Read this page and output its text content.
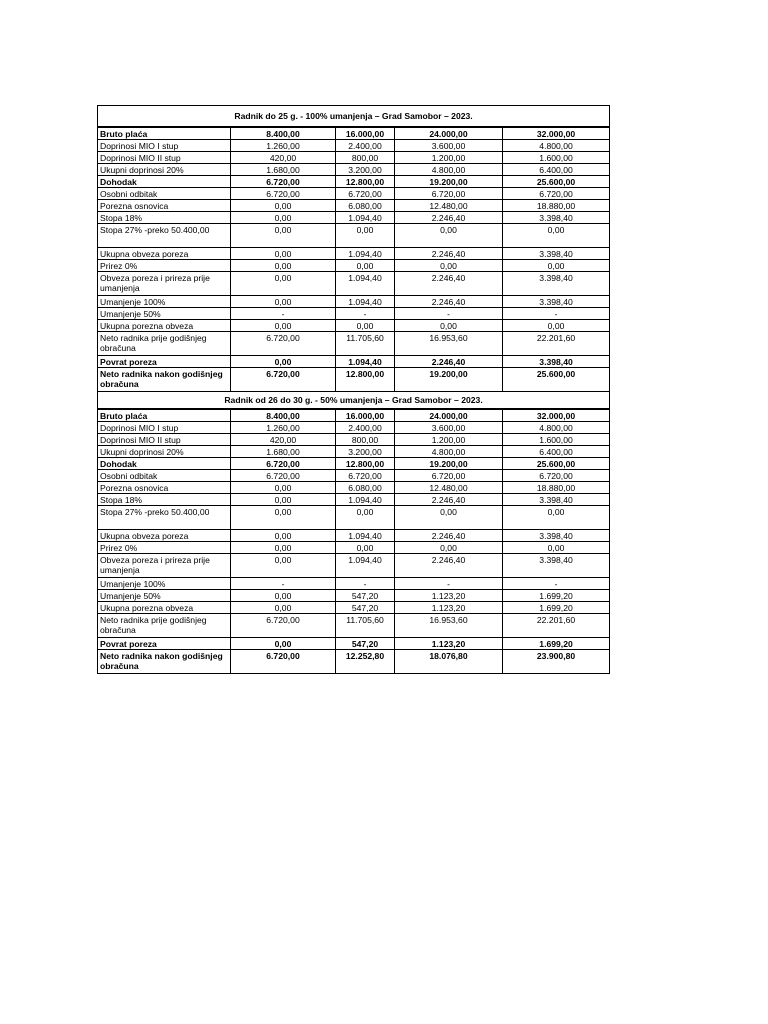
Radnik do 25 g. - 100% umanjenja – Grad Samobor – 2023.				
Bruto plaća	8.400,00	16.000,00	24.000,00	32.000,00
Doprinosi MIO I stup	1.260,00	2.400,00	3.600,00	4.800,00
Doprinosi MIO II stup	420,00	800,00	1.200,00	1.600,00
Ukupni doprinosi 20%	1.680,00	3.200,00	4.800,00	6.400,00
Dohodak	6.720,00	12.800,00	19.200,00	25.600,00
Osobni odbitak	6.720,00	6.720,00	6.720,00	6.720,00
Porezna osnovica	0,00	6.080,00	12.480,00	18.880,00
Stopa 18%	0,00	1.094,40	2.246,40	3.398,40
Stopa 27% -preko 50.400,00	0,00	0,00	0,00	0,00
Ukupna obveza poreza	0,00	1.094,40	2.246,40	3.398,40
Prirez 0%	0,00	0,00	0,00	0,00
Obveza poreza i prireza prije umanjenja	0,00	1.094,40	2.246,40	3.398,40
Umanjenje 100%	0,00	1.094,40	2.246,40	3.398,40
Umanjenje 50%	-	-	-	-
Ukupna porezna obveza	0,00	0,00	0,00	0,00
Neto radnika prije godišnjeg obračuna	6.720,00	11.705,60	16.953,60	22.201,60
Povrat poreza	0,00	1.094,40	2.246,40	3.398,40
Neto radnika nakon godišnjeg obračuna	6.720,00	12.800,00	19.200,00	25.600,00
Radnik od 26 do 30 g. - 50% umanjenja – Grad Samobor – 2023.				
Bruto plaća	8.400,00	16.000,00	24.000,00	32.000,00
Doprinosi MIO I stup	1.260,00	2.400,00	3.600,00	4.800,00
Doprinosi MIO II stup	420,00	800,00	1.200,00	1.600,00
Ukupni doprinosi 20%	1.680,00	3.200,00	4.800,00	6.400,00
Dohodak	6.720,00	12.800,00	19.200,00	25.600,00
Osobni odbitak	6.720,00	6.720,00	6.720,00	6.720,00
Porezna osnovica	0,00	6.080,00	12.480,00	18.880,00
Stopa 18%	0,00	1.094,40	2.246,40	3.398,40
Stopa 27% -preko 50.400,00	0,00	0,00	0,00	0,00
Ukupna obveza poreza	0,00	1.094,40	2.246,40	3.398,40
Prirez 0%	0,00	0,00	0,00	0,00
Obveza poreza i prireza prije umanjenja	0,00	1.094,40	2.246,40	3.398,40
Umanjenje 100%	-	-	-	-
Umanjenje 50%	0,00	547,20	1.123,20	1.699,20
Ukupna porezna obveza	0,00	547,20	1.123,20	1.699,20
Neto radnika prije godišnjeg obračuna	6.720,00	11.705,60	16.953,60	22.201,60
Povrat poreza	0,00	547,20	1.123,20	1.699,20
Neto radnika nakon godišnjeg obračuna	6.720,00	12.252,80	18.076,80	23.900,80
